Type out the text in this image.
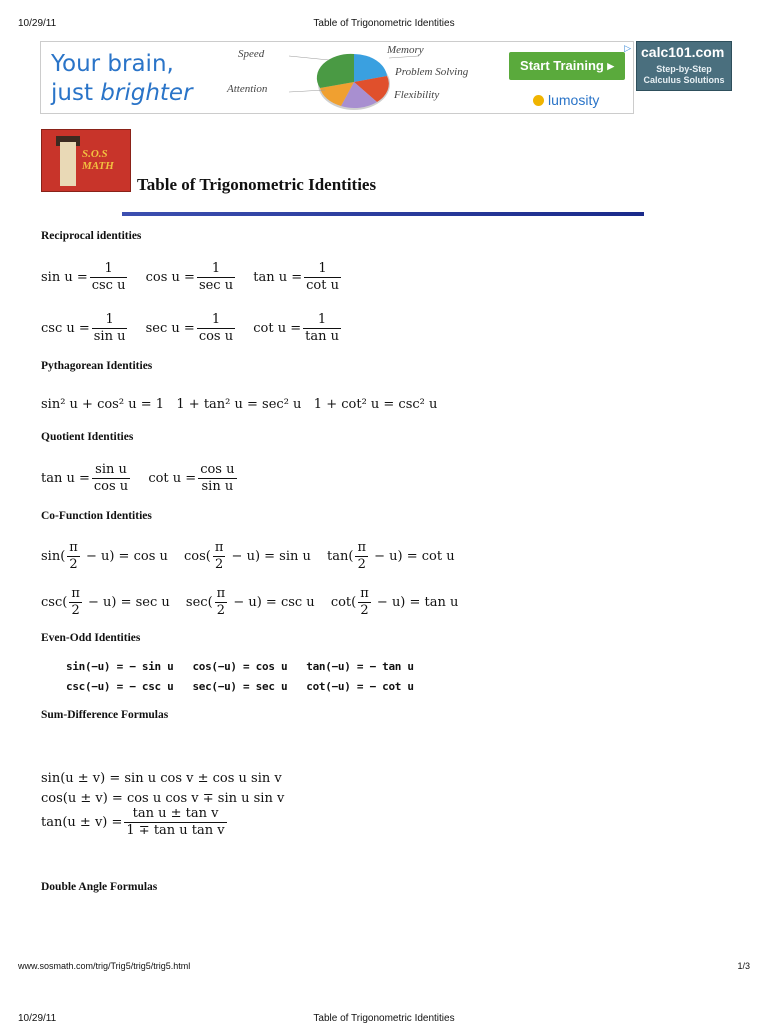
10/29/11	Table of Trigonometric Identities
Your brain,
just brighter
Speed	Memory
Problem Solving
Attention	Flexibility
Start Training ▸
lumosity
▷ calc101.com
Step-by-Step
Calculus Solutions
S.O.S
MATH
Table of Trigonometric Identities
Reciprocal identities
$\sin u = \frac{1}{\text{csc u}}$ $\cos u = \frac{1}{\text{sec u}}$ $\tan u = \frac{1}{\text{cot u}}$
$\csc u = \frac{1}{\text{sin u}}$ $\sec u = \frac{1}{\text{cos u}}$ $\cot u = \frac{1}{\text{tan u}}$
Pythagorean Identities
sin² u + cos² u = 1   1 + tan² u = sec² u   1 + cot² u = csc² u
Quotient Identities
$\tan u = \frac{\text{sin u}}{\text{cos u}}$ $\cot u = \frac{\text{cos u}}{\text{sin u}}$
Co-Function Identities
$\sin( \frac{\pi}{2} - u) = \cos u$ $\cos( \frac{\pi}{2} - u) = \sin u$ $\tan( \frac{\pi}{2} - u) = \cot u$
$\csc( \frac{\pi}{2} - u) = \sec u$ $\sec( \frac{\pi}{2} - u) = \csc u$ $\cot( \frac{\pi}{2} - u) = \tan u$
Even-Odd Identities
sin(−u) = − sin u   cos(−u) = cos u   tan(−u) = − tan u
csc(−u) = − csc u   sec(−u) = sec u   cot(−u) = − cot u
Sum-Difference Formulas
sin(u ± v) = sin u cos v ± cos u sin v
cos(u ± v) = cos u cos v ∓ sin u sin v
$\tan(u \pm v) = \frac{\text{tan u ± tan v}}{\text{1 ∓ tan u tan v}}$
Double Angle Formulas
www.sosmath.com/trig/Trig5/trig5/trig5.html	1/3
10/29/11	Table of Trigonometric Identities
